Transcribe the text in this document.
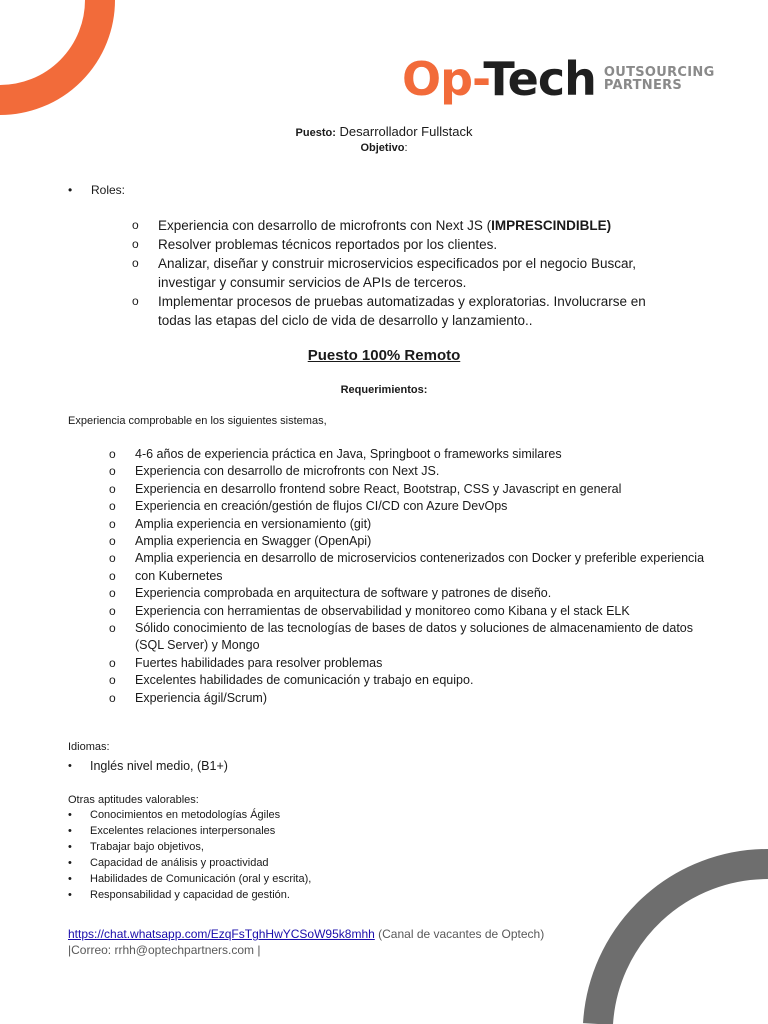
Op-Tech OUTSOURCING
PARTNERS
Puesto: Desarrollador Fullstack
Objetivo:
• Roles:
o Experiencia con desarrollo de microfronts con Next JS (IMPRESCINDIBLE)
o Resolver problemas técnicos reportados por los clientes.
o Analizar, diseñar y construir microservicios especificados por el negocio Buscar, investigar y consumir servicios de APIs de terceros.
o Implementar procesos de pruebas automatizadas y exploratorias. Involucrarse en todas las etapas del ciclo de vida de desarrollo y lanzamiento..
Puesto 100% Remoto
Requerimientos:
Experiencia comprobable en los siguientes sistemas,
o 4-6 años de experiencia práctica en Java, Springboot o frameworks similares
o Experiencia con desarrollo de microfronts con Next JS.
o Experiencia en desarrollo frontend sobre React, Bootstrap, CSS y Javascript en general
o Experiencia en creación/gestión de flujos CI/CD con Azure DevOps
o Amplia experiencia en versionamiento (git)
o Amplia experiencia en Swagger (OpenApi)
o Amplia experiencia en desarrollo de microservicios contenerizados con Docker y preferible experiencia
o con Kubernetes
o Experiencia comprobada en arquitectura de software y patrones de diseño.
o Experiencia con herramientas de observabilidad y monitoreo como Kibana y el stack ELK
o Sólido conocimiento de las tecnologías de bases de datos y soluciones de almacenamiento de datos (SQL Server) y Mongo
o Fuertes habilidades para resolver problemas
o Excelentes habilidades de comunicación y trabajo en equipo.
o Experiencia ágil/Scrum)
Idiomas:
• Inglés nivel medio, (B1+)
Otras aptitudes valorables:
• Conocimientos en metodologías Ágiles
• Excelentes relaciones interpersonales
• Trabajar bajo objetivos,
• Capacidad de análisis y proactividad
• Habilidades de Comunicación (oral y escrita),
• Responsabilidad y capacidad de gestión.
https://chat.whatsapp.com/EzqFsTghHwYCSoW95k8mhh (Canal de vacantes de Optech)
|Correo: rrhh@optechpartners.com |
